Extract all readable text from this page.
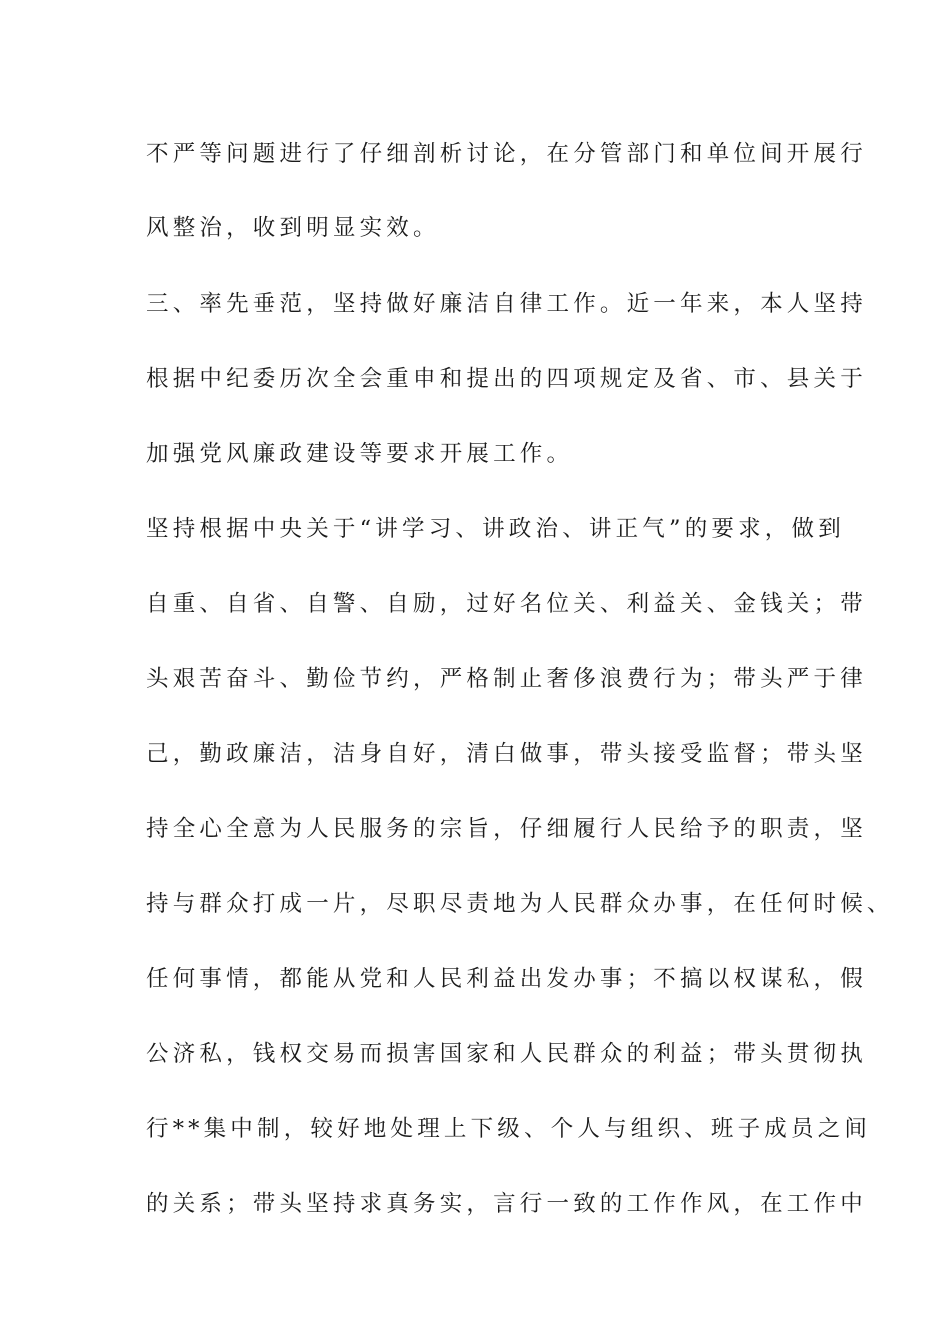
不严等问题进行了仔细剖析讨论，在分管部门和单位间开展行
风整治，收到明显实效。
三、率先垂范，坚持做好廉洁自律工作。近一年来，本人坚持
根据中纪委历次全会重申和提出的四项规定及省、市、县关于
加强党风廉政建设等要求开展工作。
坚持根据中央关于“讲学习、讲政治、讲正气”的要求，做到
自重、自省、自警、自励，过好名位关、利益关、金钱关；带
头艰苦奋斗、勤俭节约，严格制止奢侈浪费行为；带头严于律
己，勤政廉洁，洁身自好，清白做事，带头接受监督；带头坚
持全心全意为人民服务的宗旨，仔细履行人民给予的职责，坚
持与群众打成一片，尽职尽责地为人民群众办事，在任何时候、
任何事情，都能从党和人民利益出发办事；不搞以权谋私，假
公济私，钱权交易而损害国家和人民群众的利益；带头贯彻执
行**集中制，较好地处理上下级、个人与组织、班子成员之间
的关系；带头坚持求真务实，言行一致的工作作风，在工作中
